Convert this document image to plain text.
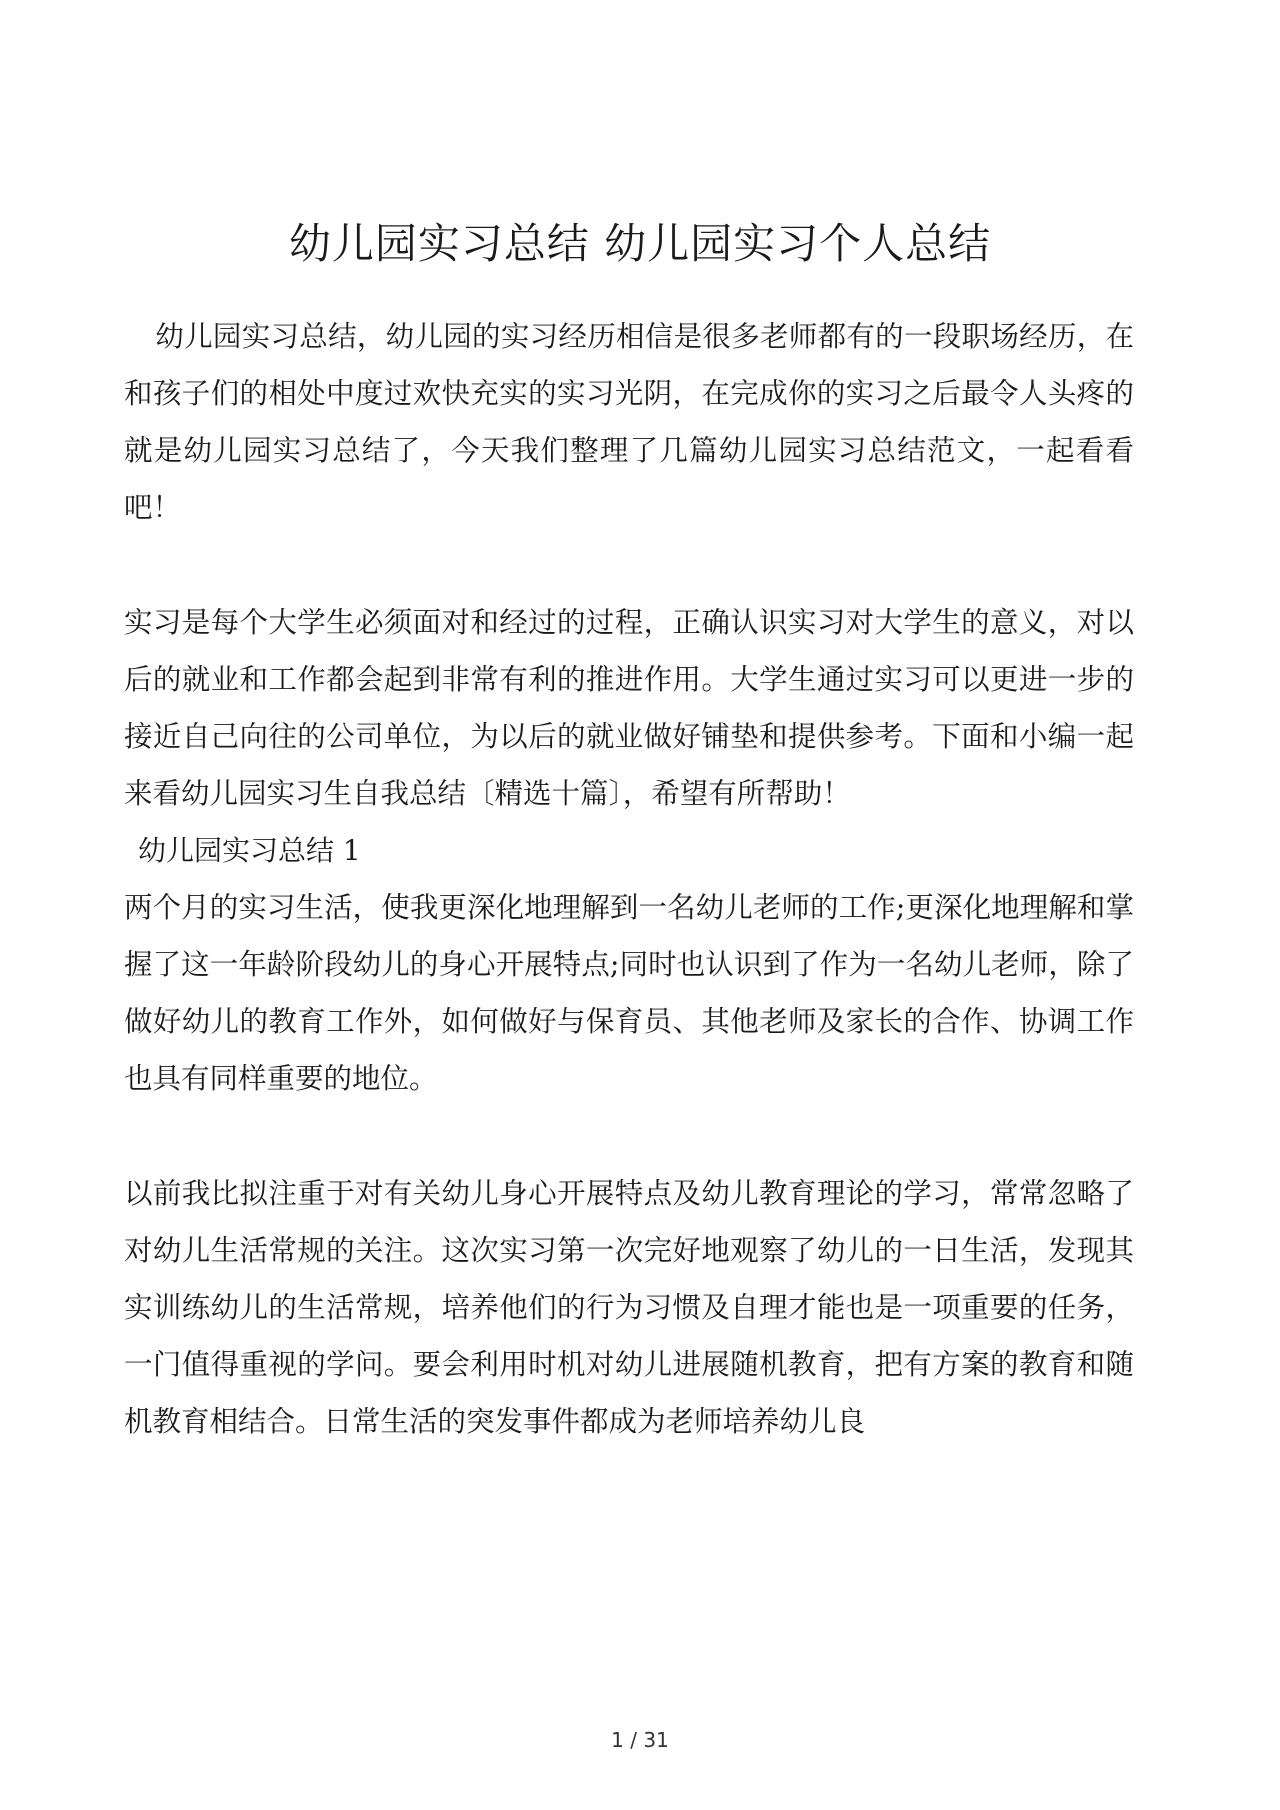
幼儿园实习总结 幼儿园实习个人总结

幼儿园实习总结，幼儿园的实习经历相信是很多老师都有的一段职场经历，在和孩子们的相处中度过欢快充实的实习光阴，在完成你的实习之后最令人头疼的就是幼儿园实习总结了，今天我们整理了几篇幼儿园实习总结范文，一起看看吧！

实习是每个大学生必须面对和经过的过程，正确认识实习对大学生的意义，对以后的就业和工作都会起到非常有利的推进作用。大学生通过实习可以更进一步的接近自己向往的公司单位，为以后的就业做好铺垫和提供参考。下面和小编一起来看幼儿园实习生自我总结〔精选十篇〕，希望有所帮助！

幼儿园实习总结 1

两个月的实习生活，使我更深化地理解到一名幼儿老师的工作;更深化地理解和掌握了这一年龄阶段幼儿的身心开展特点;同时也认识到了作为一名幼儿老师，除了做好幼儿的教育工作外，如何做好与保育员、其他老师及家长的合作、协调工作也具有同样重要的地位。

以前我比拟注重于对有关幼儿身心开展特点及幼儿教育理论的学习，常常忽略了对幼儿生活常规的关注。这次实习第一次完好地观察了幼儿的一日生活，发现其实训练幼儿的生活常规，培养他们的行为习惯及自理才能也是一项重要的任务，一门值得重视的学问。要会利用时机对幼儿进展随机教育，把有方案的教育和随机教育相结合。日常生活的突发事件都成为老师培养幼儿良

1 / 31
